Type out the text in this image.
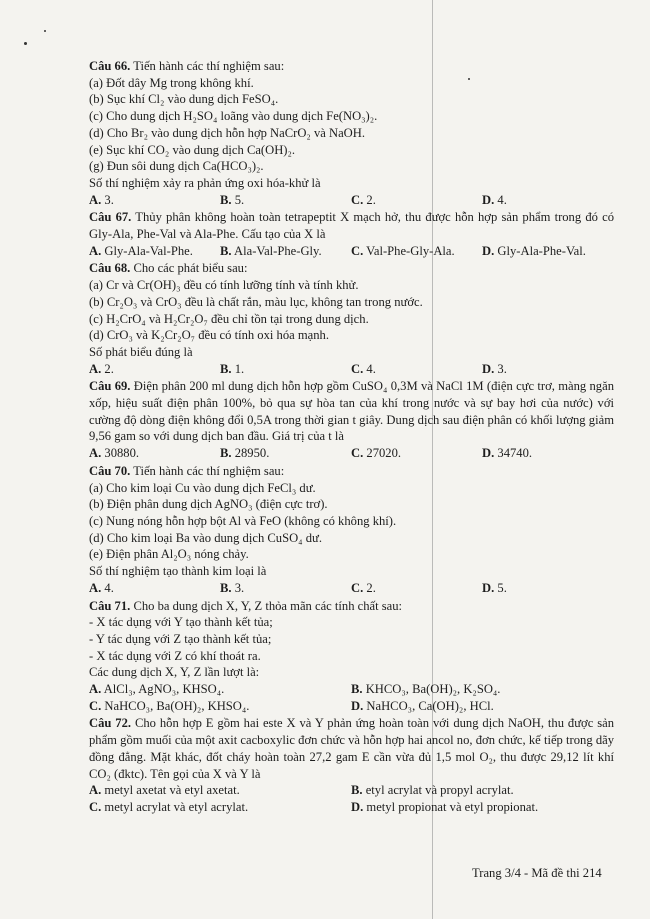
Câu 66. Tiến hành các thí nghiệm sau:
(a) Đốt dây Mg trong không khí.
(b) Sục khí Cl₂ vào dung dịch FeSO₄.
(c) Cho dung dịch H₂SO₄ loãng vào dung dịch Fe(NO₃)₂.
(d) Cho Br₂ vào dung dịch hỗn hợp NaCrO₂ và NaOH.
(e) Sục khí CO₂ vào dung dịch Ca(OH)₂.
(g) Đun sôi dung dịch Ca(HCO₃)₂.
Số thí nghiệm xảy ra phản ứng oxi hóa-khử là
A. 3.	B. 5.	C. 2.	D. 4.
Câu 67. Thủy phân không hoàn toàn tetrapeptit X mạch hở, thu được hỗn hợp sản phẩm trong đó có Gly-Ala, Phe-Val và Ala-Phe. Cấu tạo của X là
A. Gly-Ala-Val-Phe.	B. Ala-Val-Phe-Gly.	C. Val-Phe-Gly-Ala.	D. Gly-Ala-Phe-Val.
Câu 68. Cho các phát biểu sau:
(a) Cr và Cr(OH)₃ đều có tính lưỡng tính và tính khử.
(b) Cr₂O₃ và CrO₃ đều là chất rắn, màu lục, không tan trong nước.
(c) H₂CrO₄ và H₂Cr₂O₇ đều chỉ tồn tại trong dung dịch.
(d) CrO₃ và K₂Cr₂O₇ đều có tính oxi hóa mạnh.
Số phát biểu đúng là
A. 2.	B. 1.	C. 4.	D. 3.
Câu 69. Điện phân 200 ml dung dịch hỗn hợp gồm CuSO₄ 0,3M và NaCl 1M (điện cực trơ, màng ngăn xốp, hiệu suất điện phân 100%, bỏ qua sự hòa tan của khí trong nước và sự bay hơi của nước) với cường độ dòng điện không đổi 0,5A trong thời gian t giây. Dung dịch sau điện phân có khối lượng giảm 9,56 gam so với dung dịch ban đầu. Giá trị của t là
A. 30880.	B. 28950.	C. 27020.	D. 34740.
Câu 70. Tiến hành các thí nghiệm sau:
(a) Cho kim loại Cu vào dung dịch FeCl₃ dư.
(b) Điện phân dung dịch AgNO₃ (điện cực trơ).
(c) Nung nóng hỗn hợp bột Al và FeO (không có không khí).
(d) Cho kim loại Ba vào dung dịch CuSO₄ dư.
(e) Điện phân Al₂O₃ nóng chảy.
Số thí nghiệm tạo thành kim loại là
A. 4.	B. 3.	C. 2.	D. 5.
Câu 71. Cho ba dung dịch X, Y, Z thỏa mãn các tính chất sau:
- X tác dụng với Y tạo thành kết tủa;
- Y tác dụng với Z tạo thành kết tủa;
- X tác dụng với Z có khí thoát ra.
Các dung dịch X, Y, Z lần lượt là:
A. AlCl₃, AgNO₃, KHSO₄.	B. KHCO₃, Ba(OH)₂, K₂SO₄.
C. NaHCO₃, Ba(OH)₂, KHSO₄.	D. NaHCO₃, Ca(OH)₂, HCl.
Câu 72. Cho hỗn hợp E gồm hai este X và Y phản ứng hoàn toàn với dung dịch NaOH, thu được sản phẩm gồm muối của một axit cacboxylic đơn chức và hỗn hợp hai ancol no, đơn chức, kế tiếp trong dãy đồng đẳng. Mặt khác, đốt cháy hoàn toàn 27,2 gam E cần vừa đủ 1,5 mol O₂, thu được 29,12 lít khí CO₂ (đktc). Tên gọi của X và Y là
A. metyl axetat và etyl axetat.	B. etyl acrylat và propyl acrylat.
C. metyl acrylat và etyl acrylat.	D. metyl propionat và etyl propionat.
Trang 3/4 - Mã đề thi 214
